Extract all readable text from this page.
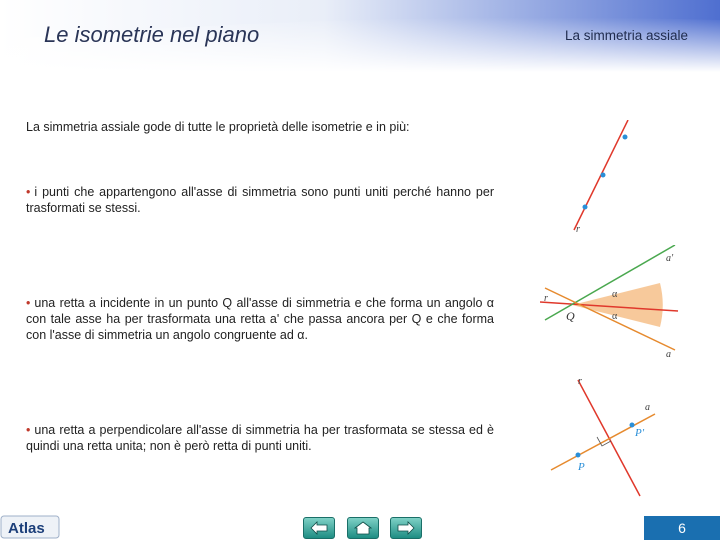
Le isometrie nel piano	La simmetria assiale
La simmetria assiale gode di tutte le proprietà delle isometrie e in più:
• i punti che appartengono all'asse di simmetria sono punti uniti perché hanno per trasformati se stessi.
• una retta a incidente in un punto Q all'asse di simmetria e che forma un angolo α con tale asse ha per trasformata una retta a' che passa ancora per Q e che forma con l'asse di simmetria un angolo congruente ad α.
• una retta a perpendicolare all'asse di simmetria ha per trasformata se stessa ed è quindi una retta unita; non è però retta di punti uniti.
r
r
Q
α
α
a
a'
r
a
P
P'
Atlas	6
